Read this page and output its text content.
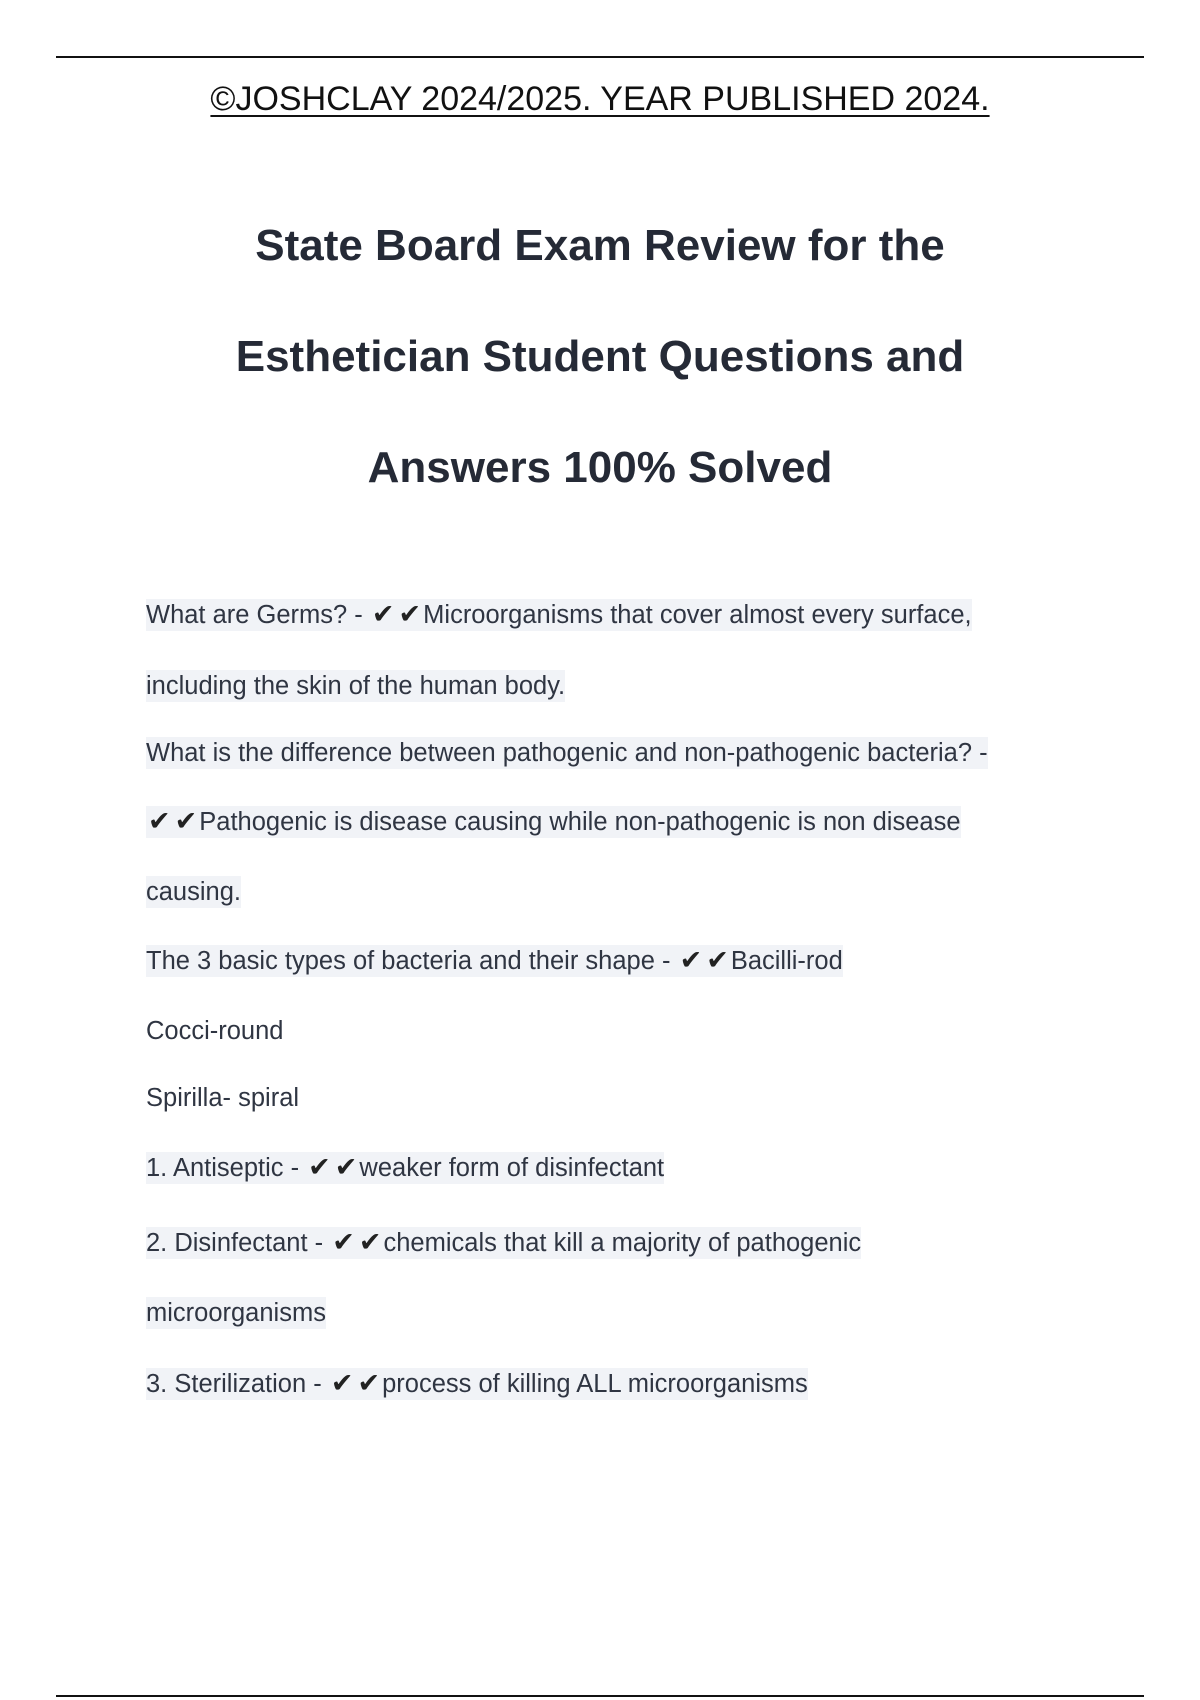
©JOSHCLAY 2024/2025. YEAR PUBLISHED 2024.
State Board Exam Review for the
Esthetician Student Questions and
Answers 100% Solved
What are Germs? - ✔ ✔Microorganisms that cover almost every surface,
including the skin of the human body.
What is the difference between pathogenic and non-pathogenic bacteria? -
✔ ✔Pathogenic is disease causing while non-pathogenic is non disease
causing.
The 3 basic types of bacteria and their shape - ✔ ✔Bacilli-rod
Cocci-round
Spirilla- spiral
1. Antiseptic - ✔ ✔weaker form of disinfectant
2. Disinfectant - ✔ ✔chemicals that kill a majority of pathogenic
microorganisms
3. Sterilization - ✔ ✔process of killing ALL microorganisms
